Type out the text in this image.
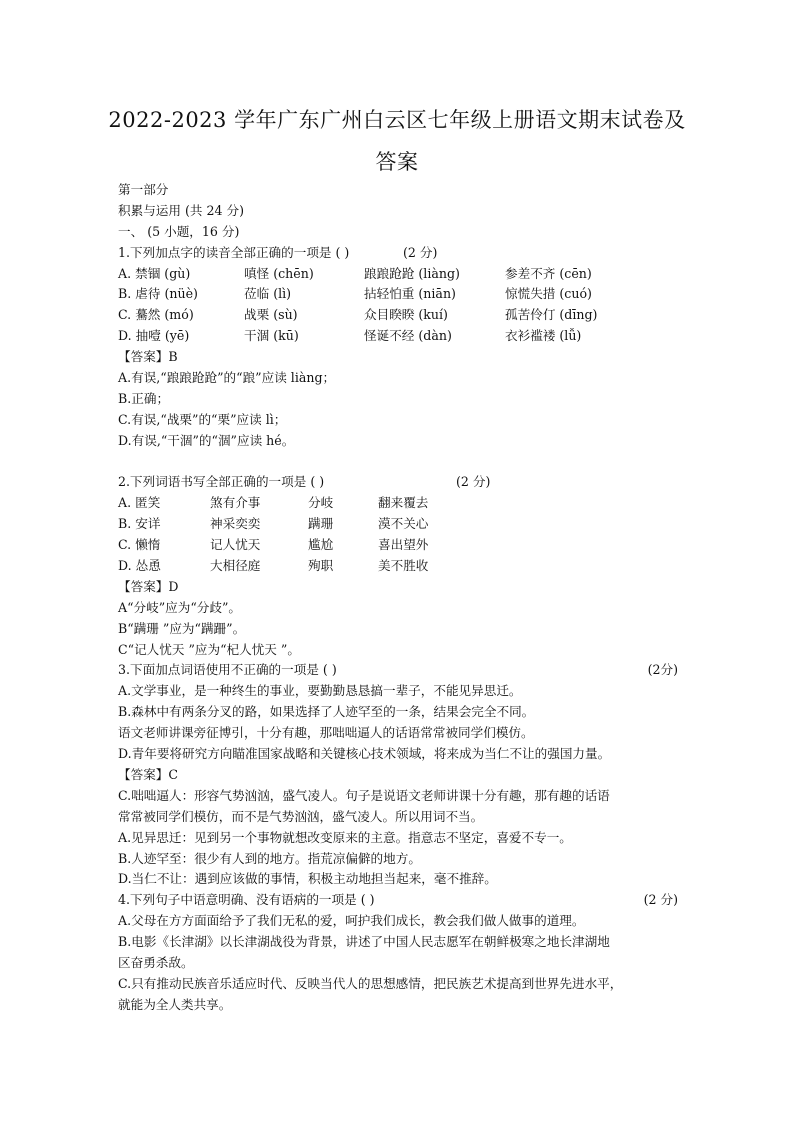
2022-2023 学年广东广州白云区七年级上册语文期末试卷及
答案
第一部分
积累与运用 (共 24 分)
一、 (5 小题，16 分)
1.下列加点字的读音全部正确的一项是 ( )	(2 分)
A. 禁锢 (gù)	嗔怪 (chēn)	踉踉跄跄 (liàng)	参差不齐 (cēn)
B. 虐待 (nüè)	莅临 (lì)	拈轻怕重 (niān)	惊慌失措 (cuó)
C. 驀然 (mó)	战栗 (sù)	众目睽睽 (kuí)	孤苦伶仃 (dīng)
D. 抽噎 (yē)	干涸 (kū)	怪诞不经 (dàn)	衣衫褴褛 (lǚ)
【答案】B
A.有误,“踉踉跄跄”的“踉”应读 liàng；
B.正确；
C.有误,“战栗”的“栗”应读 lì；
D.有误,“干涸”的“涸”应读 hé。
2.下列词语书写全部正确的一项是 ( )	(2 分)
A. 匿笑	煞有介事	分岐	翻来覆去
B. 安详	神采奕奕	蹒珊	漠不关心
C. 懒惰	记人忧天	尴尬	喜出望外
D. 怂恿	大相径庭	殉职	美不胜收
【答案】D
A“分岐”应为“分歧”。
B“蹒珊 ”应为“蹒跚”。
C“记人忧天 ”应为“杞人忧天 ”。
3.下面加点词语使用不正确的一项是 ( )	(2分)
A.文学事业，是一种终生的事业，要勤勤恳恳搞一辈子，不能见异思迁。
B.森林中有两条分叉的路，如果选择了人迹罕至的一条，结果会完全不同。
语文老师讲课旁征博引，十分有趣，那咄咄逼人的话语常常被同学们模仿。
D.青年要将研究方向瞄准国家战略和关键核心技术领域，将来成为当仁不让的强国力量。
【答案】C
C.咄咄逼人：形容气势汹汹，盛气凌人。句子是说语文老师讲课十分有趣，那有趣的话语
常常被同学们模仿，而不是气势汹汹，盛气凌人。所以用词不当。
A.见异思迁：见到另一个事物就想改变原来的主意。指意志不坚定，喜爱不专一。
B.人迹罕至：很少有人到的地方。指荒凉偏僻的地方。
D.当仁不让：遇到应该做的事情，积极主动地担当起来，毫不推辞。
4.下列句子中语意明确、没有语病的一项是 ( )	(2 分)
A.父母在方方面面给予了我们无私的爱，呵护我们成长，教会我们做人做事的道理。
B.电影《长津湖》以长津湖战役为背景，讲述了中国人民志愿军在朝鲜极寒之地长津湖地
区奋勇杀敌。
C.只有推动民族音乐适应时代、反映当代人的思想感情，把民族艺术提高到世界先进水平，
就能为全人类共享。
